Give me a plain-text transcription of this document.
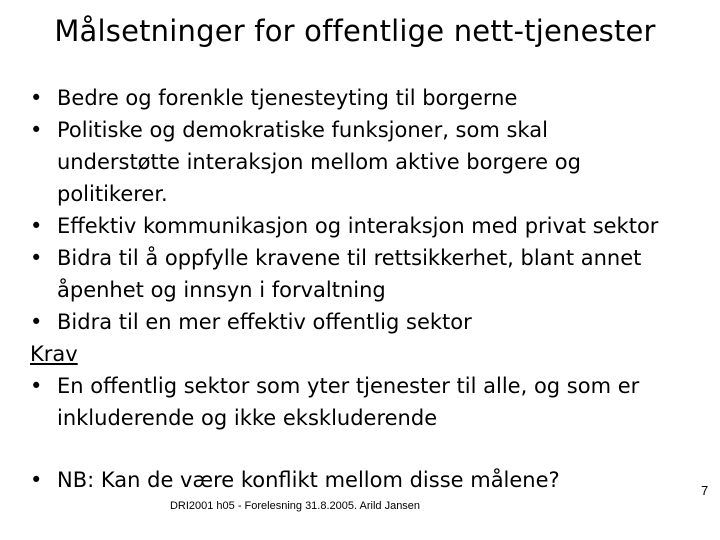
Målsetninger for offentlige nett-tjenester
• Bedre og forenkle tjenesteyting til borgerne
• Politiske og demokratiske funksjoner, som skal
understøtte interaksjon mellom aktive borgere og
politikerer.
• Effektiv kommunikasjon og interaksjon med privat sektor
• Bidra til å oppfylle kravene til rettsikkerhet, blant annet
åpenhet og innsyn i forvaltning
• Bidra til en mer effektiv offentlig sektor
Krav
• En offentlig sektor som yter tjenester til alle, og som er
inkluderende og ikke ekskluderende
• NB: Kan de være konflikt mellom disse målene?
DRI2001 h05 - Forelesning 31.8.2005. Arild Jansen
7
